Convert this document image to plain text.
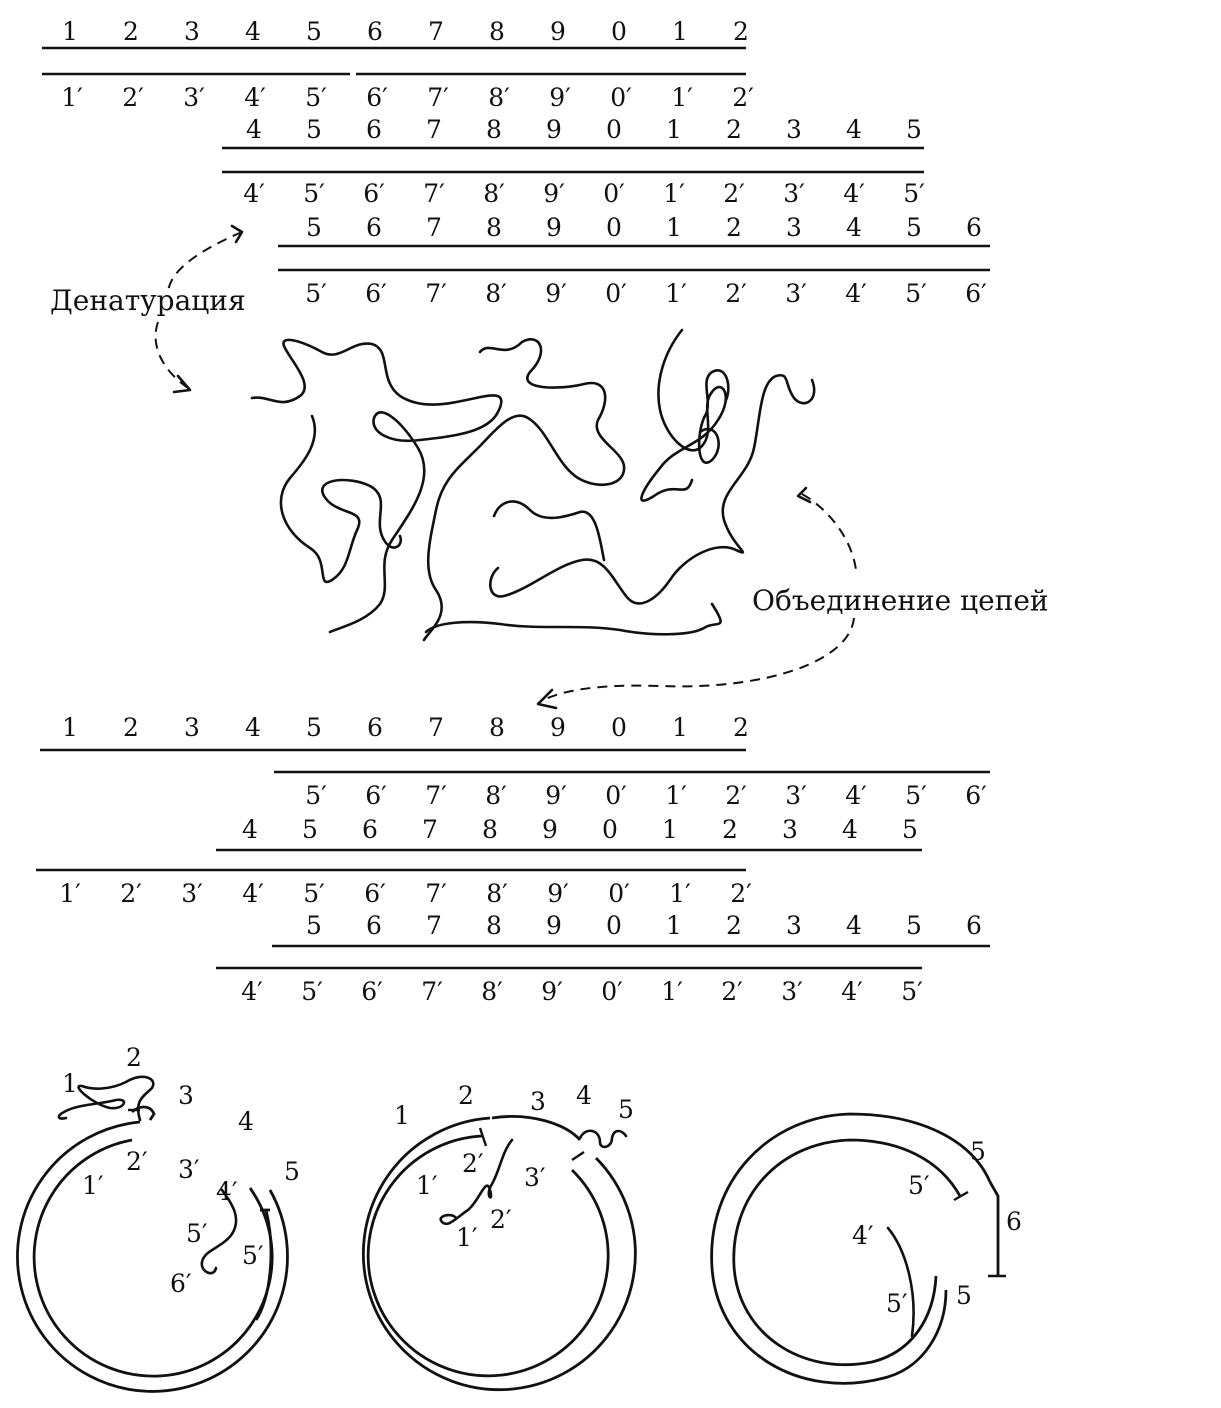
1 2 3 4 5 6 7 8 9 0 1 2
1′ 2′ 3′ 4′ 5′ 6′ 7′ 8′ 9′ 0′ 1′ 2′
4 5 6 7 8 9 0 1 2 3 4 5
4′ 5′ 6′ 7′ 8′ 9′ 0′ 1′ 2′ 3′ 4′ 5′
5 6 7 8 9 0 1 2 3 4 5 6
5′ 6′ 7′ 8′ 9′ 0′ 1′ 2′ 3′ 4′ 5′ 6′
Денатурация
Объединение цепей
1 2 3 4 5 6 7 8 9 0 1 2
5′ 6′ 7′ 8′ 9′ 0′ 1′ 2′ 3′ 4′ 5′ 6′
4 5 6 7 8 9 0 1 2 3 4 5
1′ 2′ 3′ 4′ 5′ 6′ 7′ 8′ 9′ 0′ 1′ 2′
5 6 7 8 9 0 1 2 3 4 5 6
4′ 5′ 6′ 7′ 8′ 9′ 0′ 1′ 2′ 3′ 4′ 5′
1
2
3
4
5
1′
2′ 3′
4′
5′
5′
6′
1
2 3 4 5
1′
2′ 3′
1′
2′
5
6
5
5′
4′
5′
